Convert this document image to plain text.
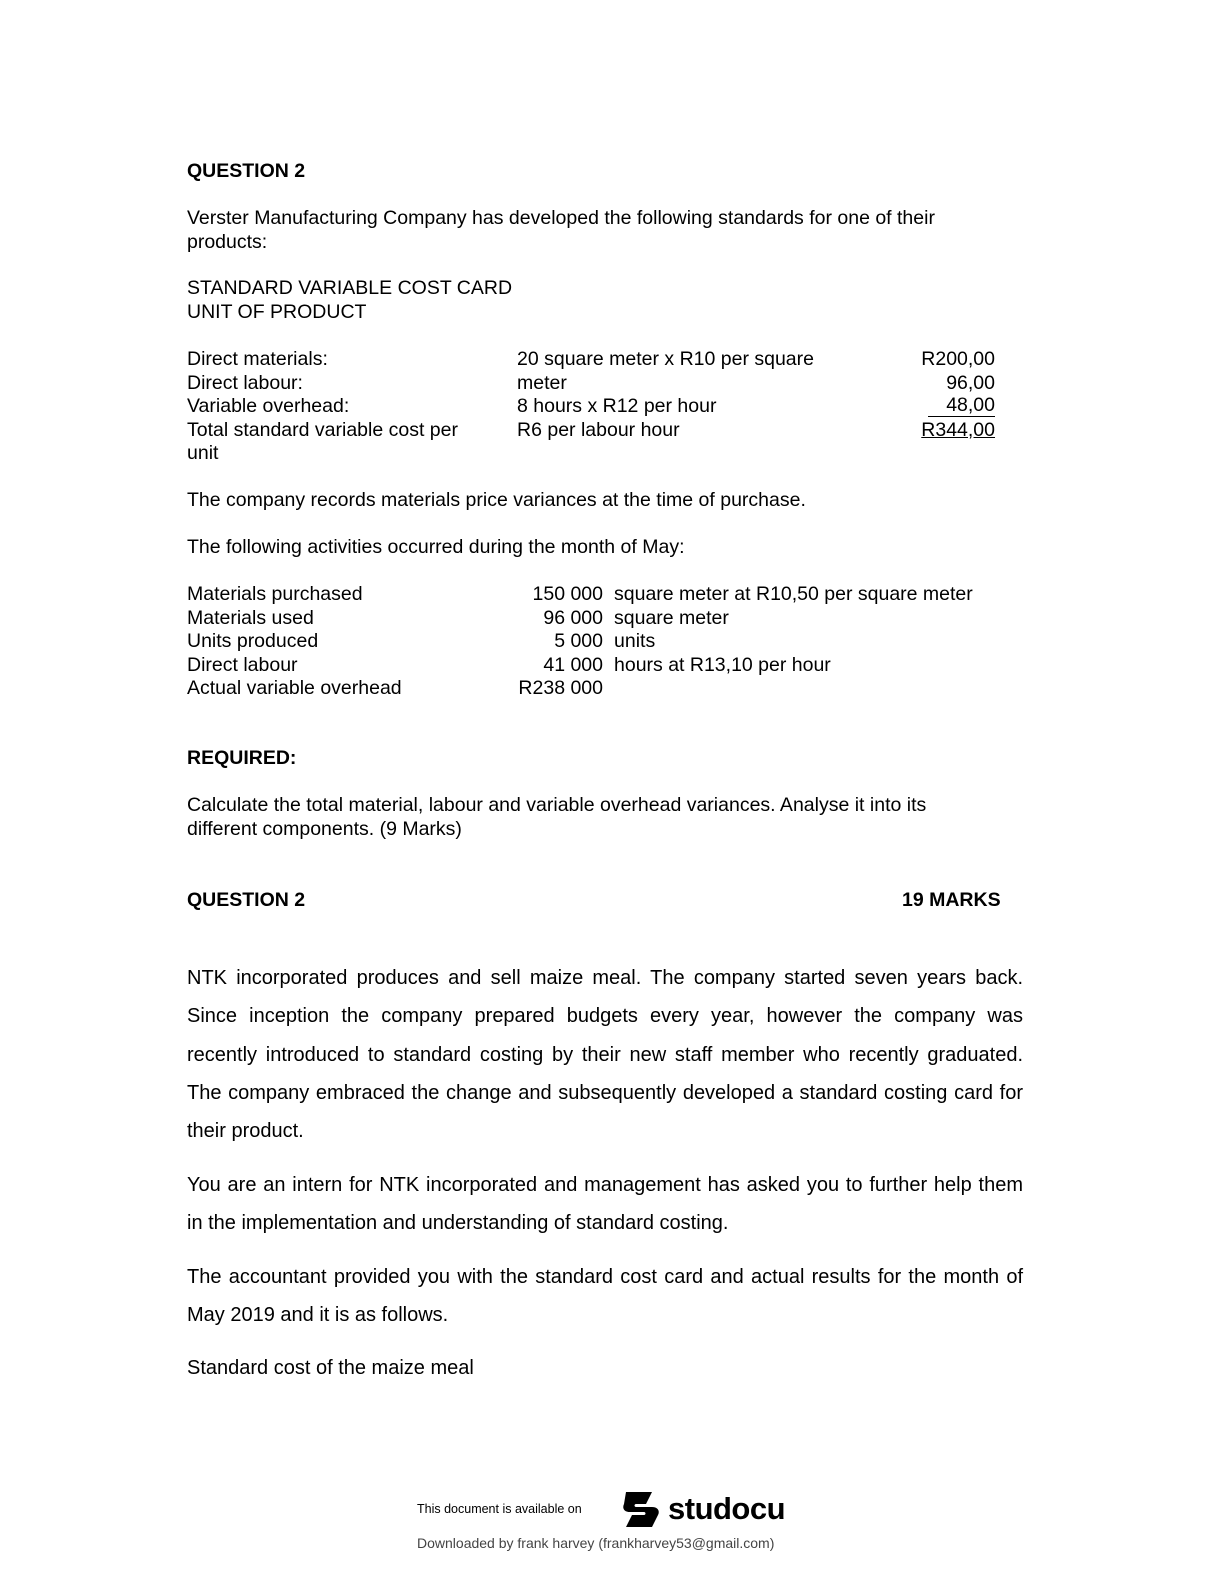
QUESTION 2
Verster Manufacturing Company has developed the following standards for one of their products:
STANDARD VARIABLE COST CARD
UNIT OF PRODUCT
Direct materials:	20 square meter x R10 per square	R200,00
Direct labour:	meter	96,00
Variable overhead:	8 hours x R12 per hour	48,00
Total standard variable cost per	R6 per labour hour	R344,00
unit
The company records materials price variances at the time of purchase.
The following activities occurred during the month of May:
Materials purchased	150 000 square meter at R10,50 per square meter
Materials used	96 000 square meter
Units produced	5 000 units
Direct labour	41 000 hours at R13,10 per hour
Actual variable overhead	R238 000
REQUIRED:
Calculate the total material, labour and variable overhead variances. Analyse it into its different components. (9 Marks)
QUESTION 2	19 MARKS
NTK incorporated produces and sell maize meal. The company started seven years back. Since inception the company prepared budgets every year, however the company was recently introduced to standard costing by their new staff member who recently graduated. The company embraced the change and subsequently developed a standard costing card for their product.
You are an intern for NTK incorporated and management has asked you to further help them in the implementation and understanding of standard costing.
The accountant provided you with the standard cost card and actual results for the month of May 2019 and it is as follows.
Standard cost of the maize meal
This document is available on	studocu
Downloaded by frank harvey (frankharvey53@gmail.com)
